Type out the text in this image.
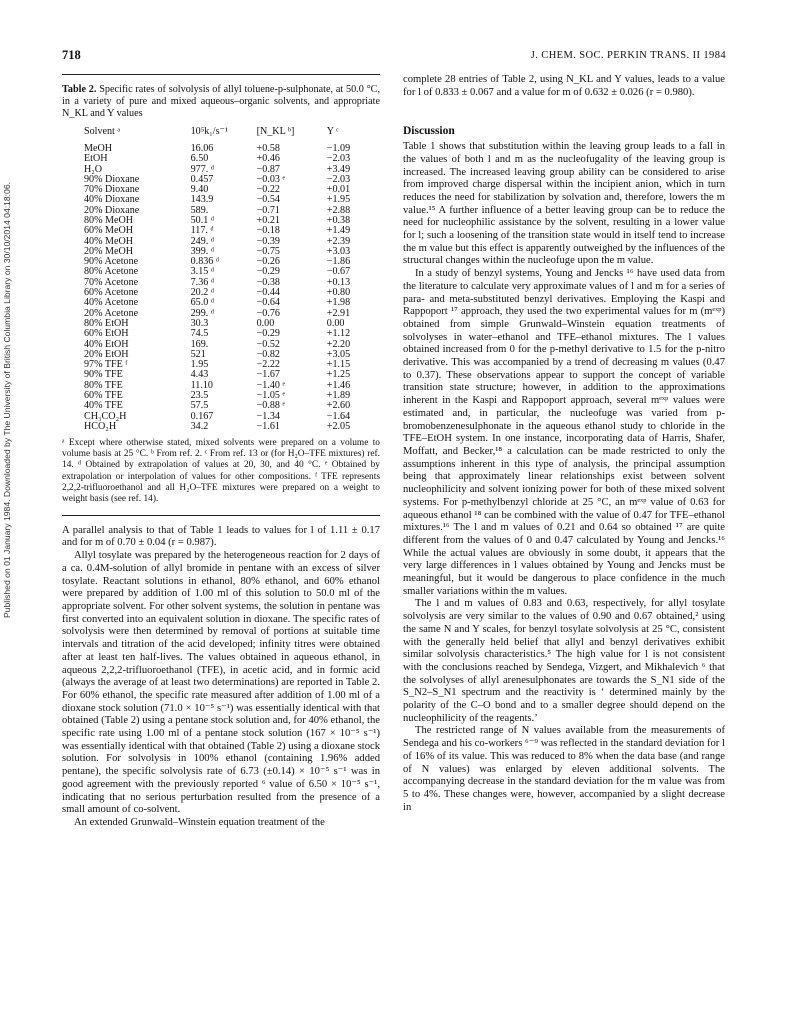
Published on 01 January 1984. Downloaded by The University of British Columbia Library on 30/10/2014 04:18:06.
718	J. CHEM. SOC. PERKIN TRANS. II 1984
Table 2. Specific rates of solvolysis of allyl toluene-p-sulphonate, at 50.0 °C, in a variety of pure and mixed aqueous–organic solvents, and appropriate N_KL and Y values
Solvent ᵃ	10⁵k₁/s⁻¹	[N_KL ᵇ]	Y ᶜ
MeOH	16.06	+0.58	−1.09
EtOH	6.50	+0.46	−2.03
H₂O	977. ᵈ	−0.87	+3.49
90% Dioxane	0.457	−0.03 ᵉ	−2.03
70% Dioxane	9.40	−0.22	+0.01
40% Dioxane	143.9	−0.54	+1.95
20% Dioxane	589.	−0.71	+2.88
80% MeOH	50.1 ᵈ	+0.21	+0.38
60% MeOH	117. ᵈ	−0.18	+1.49
40% MeOH	249. ᵈ	−0.39	+2.39
20% MeOH	399. ᵈ	−0.75	+3.03
90% Acetone	0.836 ᵈ	−0.26	−1.86
80% Acetone	3.15 ᵈ	−0.29	−0.67
70% Acetone	7.36 ᵈ	−0.38	+0.13
60% Acetone	20.2 ᵈ	−0.44	+0.80
40% Acetone	65.0 ᵈ	−0.64	+1.98
20% Acetone	299. ᵈ	−0.76	+2.91
80% EtOH	30.3	0.00	0.00
60% EtOH	74.5	−0.29	+1.12
40% EtOH	169.	−0.52	+2.20
20% EtOH	521	−0.82	+3.05
97% TFE ᶠ	1.95	−2.22	+1.15
90% TFE	4.43	−1.67	+1.25
80% TFE	11.10	−1.40 ᵉ	+1.46
60% TFE	23.5	−1.05 ᵉ	+1.89
40% TFE	57.5	−0.88 ᵉ	+2.60
CH₃CO₂H	0.167	−1.34	−1.64
HCO₂H	34.2	−1.61	+2.05
ᵃ Except where otherwise stated, mixed solvents were prepared on a volume to volume basis at 25 °C. ᵇ From ref. 2. ᶜ From ref. 13 or (for H₂O–TFE mixtures) ref. 14. ᵈ Obtained by extrapolation of values at 20, 30, and 40 °C. ᵉ Obtained by extrapolation or interpolation of values for other compositions. ᶠ TFE represents 2,2,2-trifluoroethanol and all H₂O–TFE mixtures were prepared on a weight to weight basis (see ref. 14).

A parallel analysis to that of Table 1 leads to values for l of 1.11 ± 0.17 and for m of 0.70 ± 0.04 (r = 0.987).

Allyl tosylate was prepared by the heterogeneous reaction for 2 days of a ca. 0.4M-solution of allyl bromide in pentane with an excess of silver tosylate. Reactant solutions in ethanol, 80% ethanol, and 60% ethanol were prepared by addition of 1.00 ml of this solution to 50.0 ml of the appropriate solvent. For other solvent systems, the solution in pentane was first converted into an equivalent solution in dioxane. The specific rates of solvolysis were then determined by removal of portions at suitable time intervals and titration of the acid developed; infinity titres were obtained after at least ten half-lives. The values obtained in aqueous ethanol, in aqueous 2,2,2-trifluoroethanol (TFE), in acetic acid, and in formic acid (always the average of at least two determinations) are reported in Table 2. For 60% ethanol, the specific rate measured after addition of 1.00 ml of a dioxane stock solution (71.0 × 10⁻⁵ s⁻¹) was essentially identical with that obtained (Table 2) using a pentane stock solution and, for 40% ethanol, the specific rate using 1.00 ml of a pentane stock solution (167 × 10⁻⁵ s⁻¹) was essentially identical with that obtained (Table 2) using a dioxane stock solution. For solvolysis in 100% ethanol (containing 1.96% added pentane), the specific solvolysis rate of 6.73 (±0.14) × 10⁻⁵ s⁻¹ was in good agreement with the previously reported ⁶ value of 6.50 × 10⁻⁵ s⁻¹, indicating that no serious perturbation resulted from the presence of a small amount of co-solvent.

An extended Grunwald–Winstein equation treatment of the

complete 28 entries of Table 2, using N_KL and Y values, leads to a value for l of 0.833 ± 0.067 and a value for m of 0.632 ± 0.026 (r = 0.980).

Discussion

Table 1 shows that substitution within the leaving group leads to a fall in the values of both l and m as the nucleofugality of the leaving group is increased. The increased leaving group ability can be considered to arise from improved charge dispersal within the incipient anion, which in turn reduces the need for stabilization by solvation and, therefore, lowers the m value.¹⁵ A further influence of a better leaving group can be to reduce the need for nucleophilic assistance by the solvent, resulting in a lower value for l; such a loosening of the transition state would in itself tend to increase the m value but this effect is apparently outweighed by the influences of the structural changes within the nucleofuge upon the m value.

In a study of benzyl systems, Young and Jencks ¹⁶ have used data from the literature to calculate very approximate values of l and m for a series of para- and meta-substituted benzyl derivatives. Employing the Kaspi and Rappoport ¹⁷ approach, they used the two experimental values for m (mᵉˣᵖ) obtained from simple Grunwald–Winstein equation treatments of solvolyses in water–ethanol and TFE–ethanol mixtures. The l values obtained increased from 0 for the p-methyl derivative to 1.5 for the p-nitro derivative. This was accompanied by a trend of decreasing m values (0.47 to 0.37). These observations appear to support the concept of variable transition state structure; however, in addition to the approximations inherent in the Kaspi and Rappoport approach, several mᵉˣᵖ values were estimated and, in particular, the nucleofuge was varied from p-bromobenzenesulphonate in the aqueous ethanol study to chloride in the TFE–EtOH system. In one instance, incorporating data of Harris, Shafer, Moffatt, and Becker,¹⁸ a calculation can be made restricted to only the assumptions inherent in this type of analysis, the principal assumption being that approximately linear relationships exist between solvent nucleophilicity and solvent ionizing power for both of these mixed solvent systems. For p-methylbenzyl chloride at 25 °C, an mᵉˣᵖ value of 0.63 for aqueous ethanol ¹⁸ can be combined with the value of 0.47 for TFE–ethanol mixtures.¹⁶ The l and m values of 0.21 and 0.64 so obtained ¹⁷ are quite different from the values of 0 and 0.47 calculated by Young and Jencks.¹⁶ While the actual values are obviously in some doubt, it appears that the very large differences in l values obtained by Young and Jencks must be meaningful, but it would be dangerous to place confidence in the much smaller variations within the m values.

The l and m values of 0.83 and 0.63, respectively, for allyl tosylate solvolysis are very similar to the values of 0.90 and 0.67 obtained,² using the same N and Y scales, for benzyl tosylate solvolysis at 25 °C, consistent with the generally held belief that allyl and benzyl derivatives exhibit similar solvolysis characteristics.⁵ The high value for l is not consistent with the conclusions reached by Sendega, Vizgert, and Mikhalevich ⁶ that the solvolyses of allyl arenesulphonates are towards the S_N1 side of the S_N2–S_N1 spectrum and the reactivity is ‘ determined mainly by the polarity of the C–O bond and to a smaller degree should depend on the nucleophilicity of the reagents.’

The restricted range of N values available from the measurements of Sendega and his co-workers ⁶⁻⁹ was reflected in the standard deviation for l of 16% of its value. This was reduced to 8% when the data base (and range of N values) was enlarged by eleven additional solvents. The accompanying decrease in the standard deviation for the m value was from 5 to 4%. These changes were, however, accompanied by a slight decrease in
